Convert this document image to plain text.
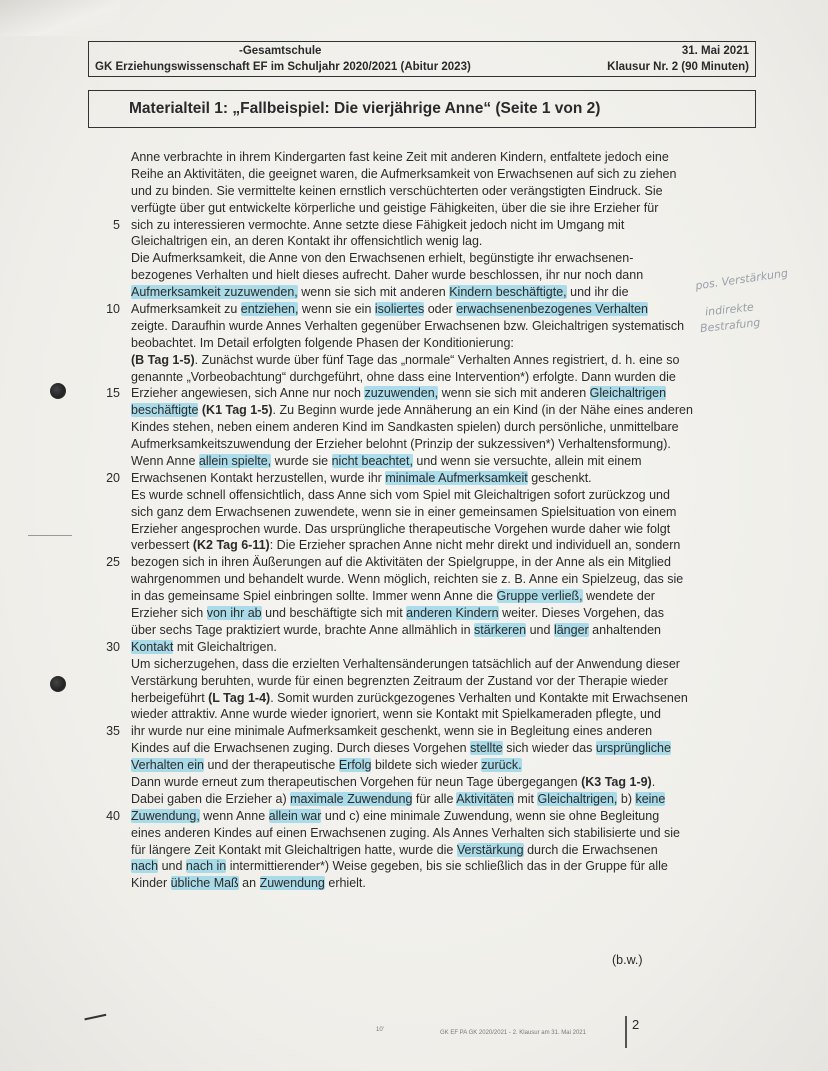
-Gesamtschule
GK Erziehungswissenschaft EF im Schuljahr 2020/2021 (Abitur 2023)
31. Mai 2021
Klausur Nr. 2 (90 Minuten)
Materialteil 1: „Fallbeispiel: Die vierjährige Anne“ (Seite 1 von 2)
Anne verbrachte in ihrem Kindergarten fast keine Zeit mit anderen Kindern, entfaltete jedoch eine
Reihe an Aktivitäten, die geeignet waren, die Aufmerksamkeit von Erwachsenen auf sich zu ziehen
und zu binden. Sie vermittelte keinen ernstlich verschüchterten oder verängstigten Eindruck. Sie
verfügte über gut entwickelte körperliche und geistige Fähigkeiten, über die sie ihre Erzieher für
5 sich zu interessieren vermochte. Anne setzte diese Fähigkeit jedoch nicht im Umgang mit
Gleichaltrigen ein, an deren Kontakt ihr offensichtlich wenig lag.
Die Aufmerksamkeit, die Anne von den Erwachsenen erhielt, begünstigte ihr erwachsenen-
bezogenes Verhalten und hielt dieses aufrecht. Daher wurde beschlossen, ihr nur noch dann
Aufmerksamkeit zuzuwenden, wenn sie sich mit anderen Kindern beschäftigte, und ihr die
10 Aufmerksamkeit zu entziehen, wenn sie ein isoliertes oder erwachsenenbezogenes Verhalten
zeigte. Daraufhin wurde Annes Verhalten gegenüber Erwachsenen bzw. Gleichaltrigen systematisch
beobachtet. Im Detail erfolgten folgende Phasen der Konditionierung:
(B Tag 1-5). Zunächst wurde über fünf Tage das „normale“ Verhalten Annes registriert, d. h. eine so
genannte „Vorbeobachtung“ durchgeführt, ohne dass eine Intervention*) erfolgte. Dann wurden die
15 Erzieher angewiesen, sich Anne nur noch zuzuwenden, wenn sie sich mit anderen Gleichaltrigen
beschäftigte (K1 Tag 1-5). Zu Beginn wurde jede Annäherung an ein Kind (in der Nähe eines anderen
Kindes stehen, neben einem anderen Kind im Sandkasten spielen) durch persönliche, unmittelbare
Aufmerksamkeitszuwendung der Erzieher belohnt (Prinzip der sukzessiven*) Verhaltensformung).
Wenn Anne allein spielte, wurde sie nicht beachtet, und wenn sie versuchte, allein mit einem
20 Erwachsenen Kontakt herzustellen, wurde ihr minimale Aufmerksamkeit geschenkt.
Es wurde schnell offensichtlich, dass Anne sich vom Spiel mit Gleichaltrigen sofort zurückzog und
sich ganz dem Erwachsenen zuwendete, wenn sie in einer gemeinsamen Spielsituation von einem
Erzieher angesprochen wurde. Das ursprüngliche therapeutische Vorgehen wurde daher wie folgt
verbessert (K2 Tag 6-11): Die Erzieher sprachen Anne nicht mehr direkt und individuell an, sondern
25 bezogen sich in ihren Äußerungen auf die Aktivitäten der Spielgruppe, in der Anne als ein Mitglied
wahrgenommen und behandelt wurde. Wenn möglich, reichten sie z. B. Anne ein Spielzeug, das sie
in das gemeinsame Spiel einbringen sollte. Immer wenn Anne die Gruppe verließ, wendete der
Erzieher sich von ihr ab und beschäftigte sich mit anderen Kindern weiter. Dieses Vorgehen, das
über sechs Tage praktiziert wurde, brachte Anne allmählich in stärkeren und länger anhaltenden
30 Kontakt mit Gleichaltrigen.
Um sicherzugehen, dass die erzielten Verhaltensänderungen tatsächlich auf der Anwendung dieser
Verstärkung beruhten, wurde für einen begrenzten Zeitraum der Zustand vor der Therapie wieder
herbeigeführt (L Tag 1-4). Somit wurden zurückgezogenes Verhalten und Kontakte mit Erwachsenen
wieder attraktiv. Anne wurde wieder ignoriert, wenn sie Kontakt mit Spielkameraden pflegte, und
35 ihr wurde nur eine minimale Aufmerksamkeit geschenkt, wenn sie in Begleitung eines anderen
Kindes auf die Erwachsenen zuging. Durch dieses Vorgehen stellte sich wieder das ursprüngliche
Verhalten ein und der therapeutische Erfolg bildete sich wieder zurück.
Dann wurde erneut zum therapeutischen Vorgehen für neun Tage übergegangen (K3 Tag 1-9).
Dabei gaben die Erzieher a) maximale Zuwendung für alle Aktivitäten mit Gleichaltrigen, b) keine
40 Zuwendung, wenn Anne allein war und c) eine minimale Zuwendung, wenn sie ohne Begleitung
eines anderen Kindes auf einen Erwachsenen zuging. Als Annes Verhalten sich stabilisierte und sie
für längere Zeit Kontakt mit Gleichaltrigen hatte, wurde die Verstärkung durch die Erwachsenen
nach und nach in intermittierender*) Weise gegeben, bis sie schließlich das in der Gruppe für alle
Kinder übliche Maß an Zuwendung erhielt.
(b.w.)
pos. Verstärkung
indirekte
Bestrafung
10'	GK EF PA GK 2020/2021 - 2. Klausur am 31. Mai 2021
2
